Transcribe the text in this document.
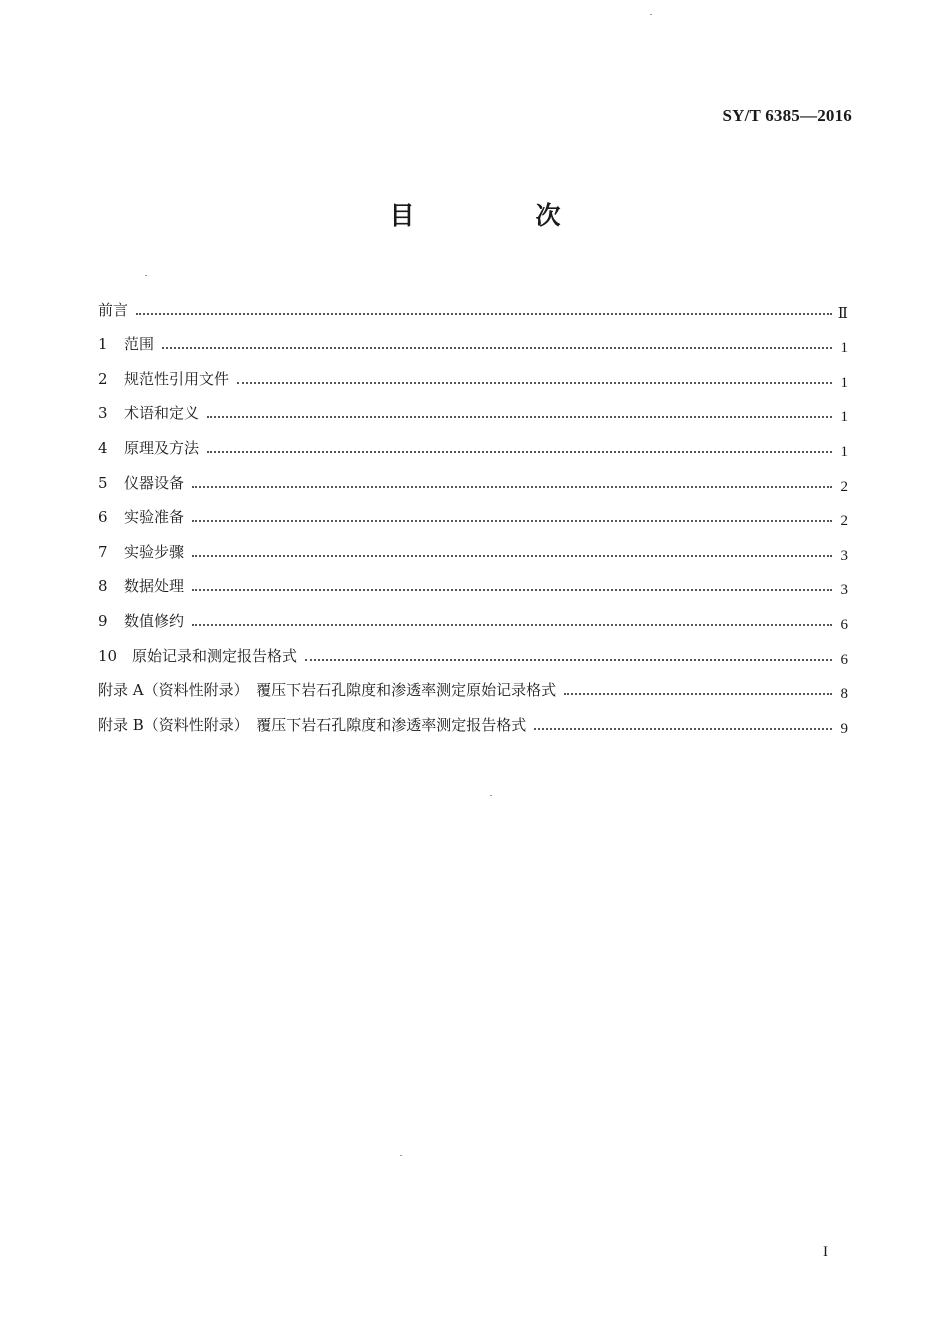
SY/T 6385—2016
目　次
前言	Ⅱ
1	范围	1
2	规范性引用文件	1
3	术语和定义	1
4	原理及方法	1
5	仪器设备	2
6	实验准备	2
7	实验步骤	3
8	数据处理	3
9	数值修约	6
10 原始记录和测定报告格式	6
附录 A（资料性附录）　覆压下岩石孔隙度和渗透率测定原始记录格式	8
附录 B（资料性附录）　覆压下岩石孔隙度和渗透率测定报告格式	9
I
